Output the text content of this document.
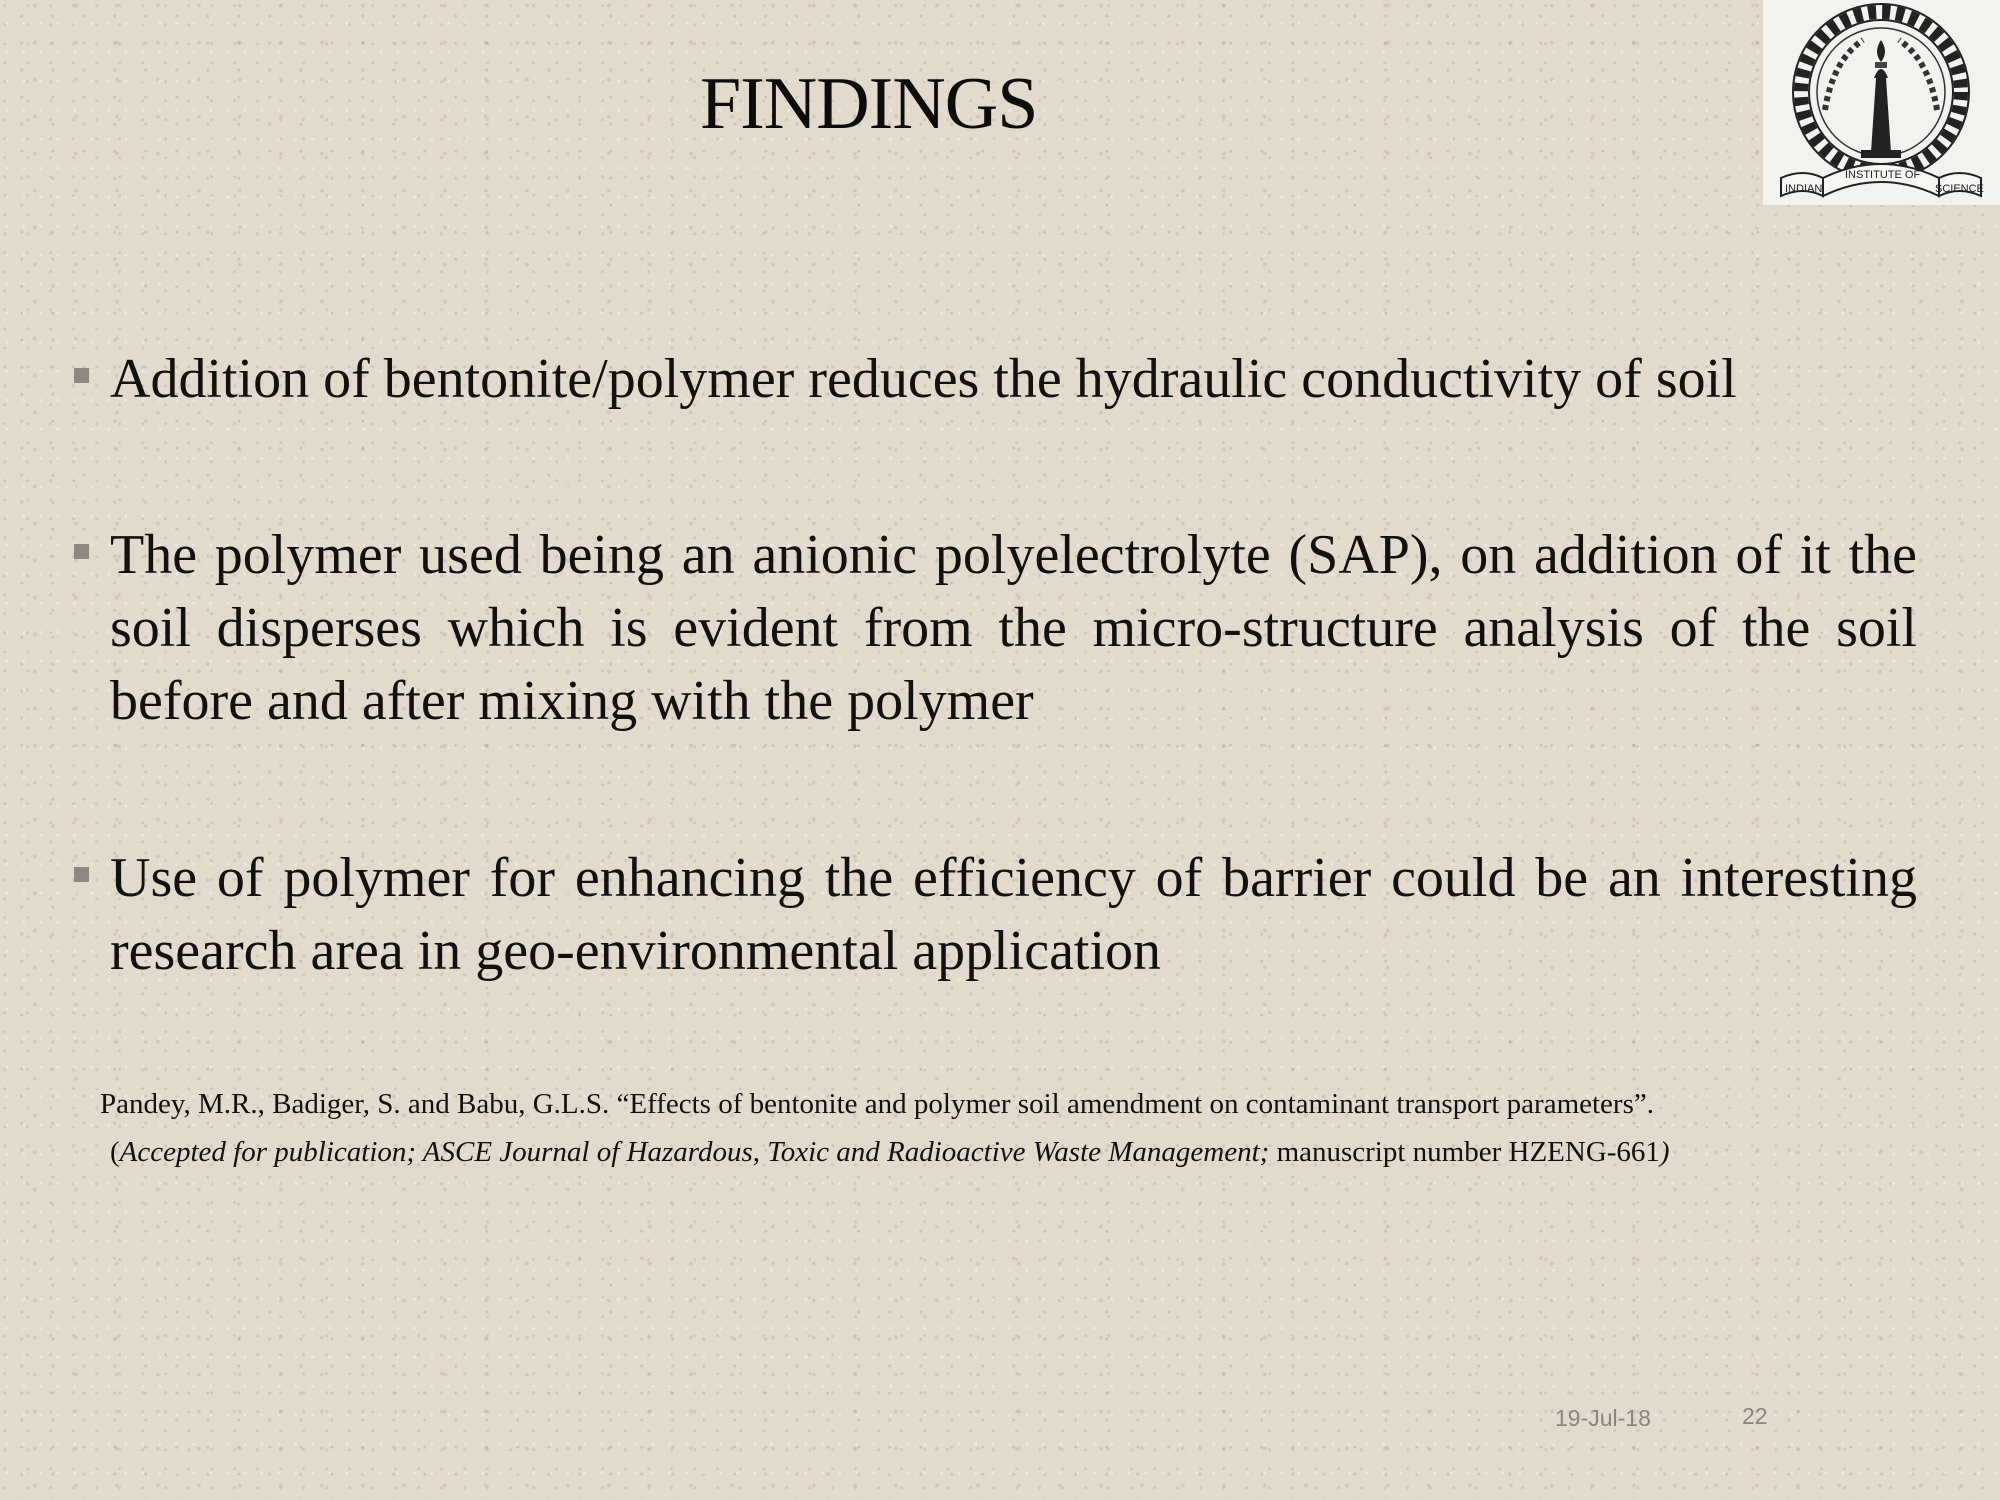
FINDINGS
INDIAN
INSTITUTE OF
SCIENCE
Addition of bentonite/polymer reduces the hydraulic conductivity of soil
The polymer used being an anionic polyelectrolyte (SAP), on addition of it the soil disperses which is evident from the micro-structure analysis of the soil before and after mixing with the polymer
Use of polymer for enhancing the efficiency of barrier could be an interesting research area in geo-environmental application
Pandey, M.R., Badiger, S. and Babu, G.L.S. “Effects of bentonite and polymer soil amendment on contaminant transport parameters”.
(Accepted for publication; ASCE Journal of Hazardous, Toxic and Radioactive Waste Management; manuscript number HZENG-661)
19-Jul-18	22
